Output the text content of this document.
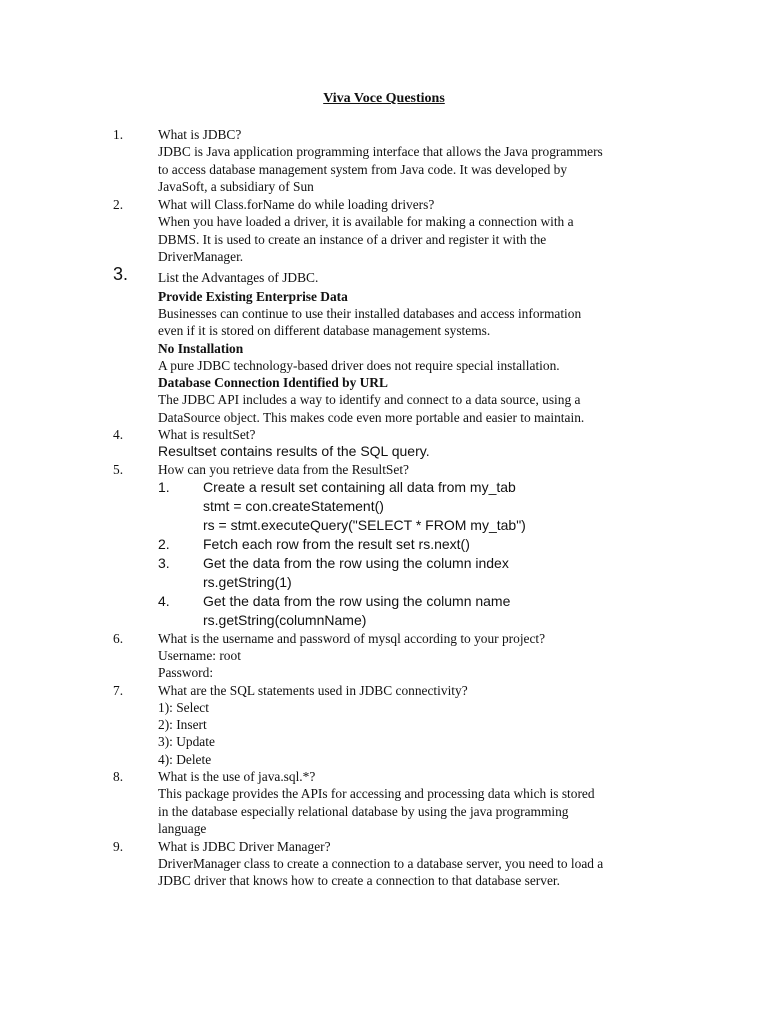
Viva Voce Questions
1.	What is JDBC?
JDBC is Java application programming interface that allows the Java programmers
to access database management system from Java code. It was developed by
JavaSoft, a subsidiary of Sun
2.	What will Class.forName do while loading drivers?
When you have loaded a driver, it is available for making a connection with a
DBMS. It is used to create an instance of a driver and register it with the
DriverManager.
3. List the Advantages of JDBC.
Provide Existing Enterprise Data
Businesses can continue to use their installed databases and access information
even if it is stored on different database management systems.
No Installation
A pure JDBC technology-based driver does not require special installation.
Database Connection Identified by URL
The JDBC API includes a way to identify and connect to a data source, using a
DataSource object. This makes code even more portable and easier to maintain.
4.	What is resultSet?
Resultset contains results of the SQL query.
5.	How can you retrieve data from the ResultSet?
1. Create a result set containing all data from my_tab
stmt = con.createStatement()
rs = stmt.executeQuery("SELECT * FROM my_tab")
2. Fetch each row from the result set rs.next()
3. Get the data from the row using the column index
rs.getString(1)
4. Get the data from the row using the column name
rs.getString(columnName)
6.	What is the username and password of mysql according to your project?
Username: root
Password:
7.	What are the SQL statements used in JDBC connectivity?
1): Select
2): Insert
3): Update
4): Delete
8.	What is the use of java.sql.*?
This package provides the APIs for accessing and processing data which is stored
in the database especially relational database by using the java programming
language
9.	What is JDBC Driver Manager?
DriverManager class to create a connection to a database server, you need to load a
JDBC driver that knows how to create a connection to that database server.
